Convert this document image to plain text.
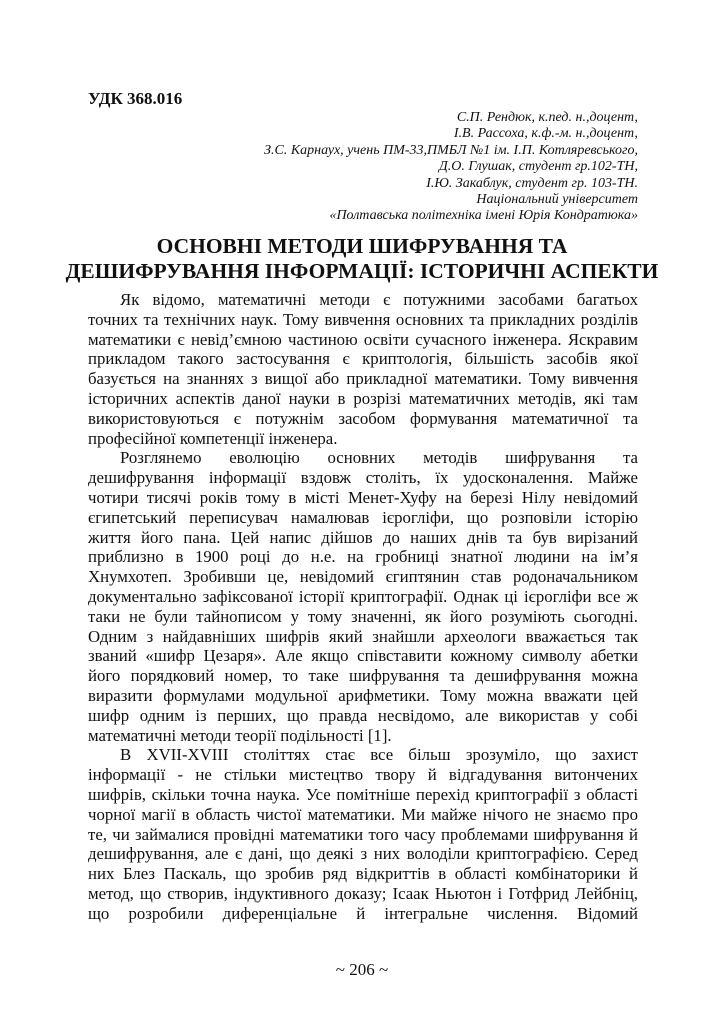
УДК 368.016
С.П. Рендюк, к.пед. н.,доцент,
І.В. Рассоха, к.ф.-м. н.,доцент,
З.С. Карнаух, учень ПМ-33,ПМБЛ №1 ім. І.П. Котляревського,
Д.О. Глушак, студент гр.102-ТН,
І.Ю. Закаблук, студент гр. 103-ТН.
Національний університет
«Полтавська політехніка імені Юрія Кондратюка»
ОСНОВНІ МЕТОДИ ШИФРУВАННЯ ТА
ДЕШИФРУВАННЯ ІНФОРМАЦІЇ: ІСТОРИЧНІ АСПЕКТИ
Як відомо, математичні методи є потужними засобами багатьох
точних та технічних наук. Тому вивчення основних та прикладних розділів
математики є невід’ємною частиною освіти сучасного інженера. Яскравим
прикладом такого застосування є криптологія, більшість засобів якої
базується на знаннях з вищої або прикладної математики. Тому вивчення
історичних аспектів даної науки в розрізі математичних методів, які там
використовуються є потужнім засобом формування математичної та
професійної компетенції інженера.
Розглянемо еволюцію основних методів шифрування та
дешифрування інформації вздовж століть, їх удосконалення. Майже
чотири тисячі років тому в місті Менет-Хуфу на березі Нілу невідомий
єгипетський переписувач намалював ієрогліфи, що розповіли історію
життя його пана. Цей напис дійшов до наших днів та був вирізаний
приблизно в 1900 році до н.е. на гробниці знатної людини на ім’я
Хнумхотеп. Зробивши це, невідомий єгиптянин став родоначальником
документально зафіксованої історії криптографії. Однак ці ієрогліфи все ж
таки не були тайнописом у тому значенні, як його розуміють сьогодні.
Одним з найдавніших шифрів який знайшли археологи вважається так
званий «шифр Цезаря». Але якщо співставити кожному символу абетки
його порядковий номер, то таке шифрування та дешифрування можна
виразити формулами модульної арифметики. Тому можна вважати цей
шифр одним із перших, що правда несвідомо, але використав у собі
математичні методи теорії подільності [1].
В XVII-XVIII століттях стає все більш зрозуміло, що захист
інформації - не стільки мистецтво твору й відгадування витончених
шифрів, скільки точна наука. Усе помітніше перехід криптографії з області
чорної магії в область чистої математики. Ми майже нічого не знаємо про
те, чи займалися провідні математики того часу проблемами шифрування й
дешифрування, але є дані, що деякі з них володіли криптографією. Серед
них Блез Паскаль, що зробив ряд відкриттів в області комбінаторики й
метод, що створив, індуктивного доказу; Ісаак Ньютон і Готфрид Лейбніц,
що розробили диференціальне й інтегральне числення. Відомий
~ 206 ~
